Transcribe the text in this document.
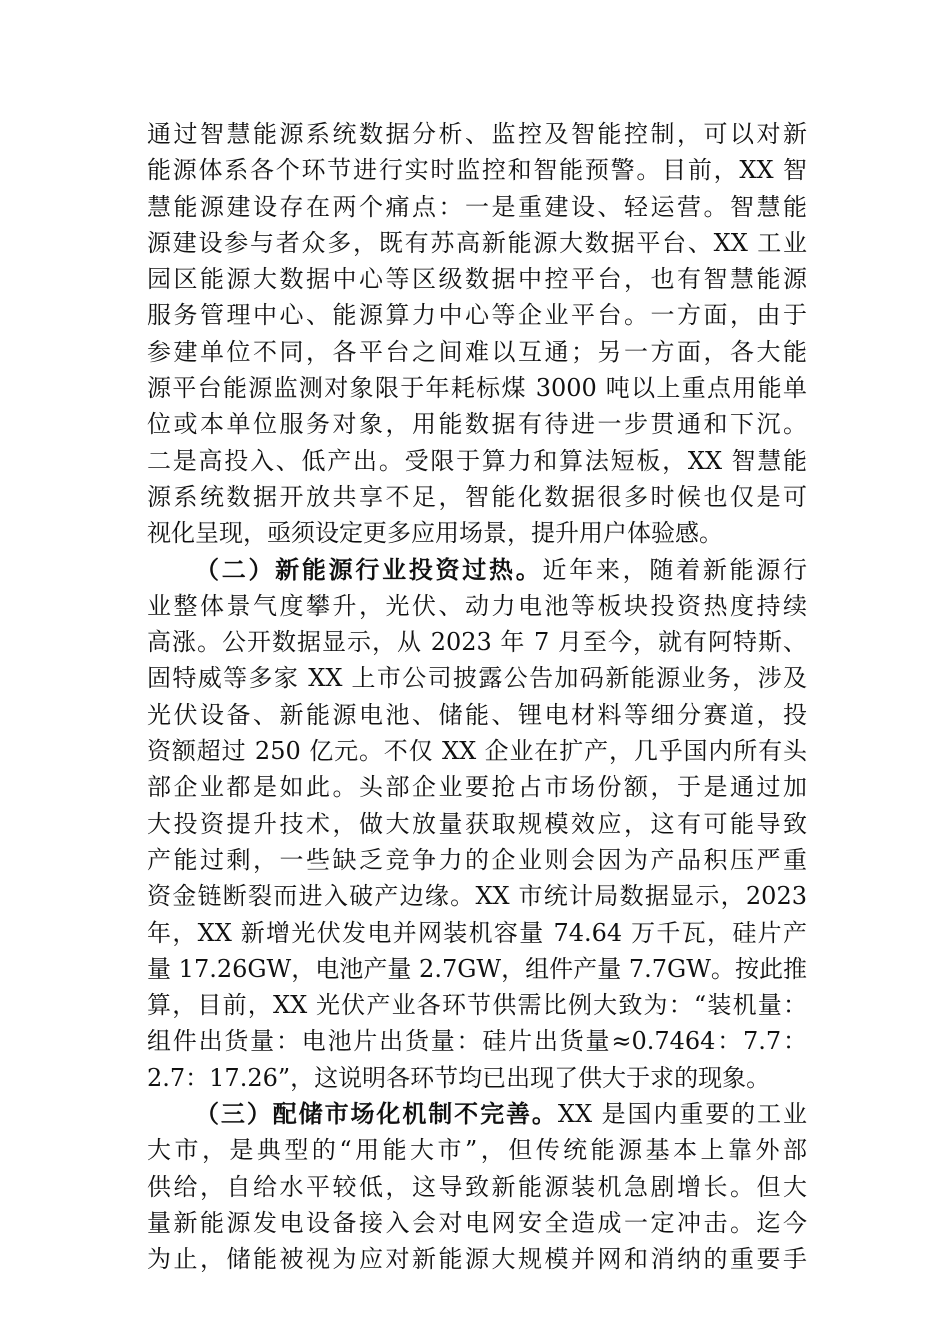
通过智慧能源系统数据分析、监控及智能控制，可以对新
能源体系各个环节进行实时监控和智能预警。目前，XX 智
慧能源建设存在两个痛点：一是重建设、轻运营。智慧能
源建设参与者众多，既有苏高新能源大数据平台、XX 工业
园区能源大数据中心等区级数据中控平台，也有智慧能源
服务管理中心、能源算力中心等企业平台。一方面，由于
参建单位不同，各平台之间难以互通；另一方面，各大能
源平台能源监测对象限于年耗标煤 3000 吨以上重点用能单
位或本单位服务对象，用能数据有待进一步贯通和下沉。
二是高投入、低产出。受限于算力和算法短板，XX 智慧能
源系统数据开放共享不足，智能化数据很多时候也仅是可
视化呈现，亟须设定更多应用场景，提升用户体验感。
（二）新能源行业投资过热。近年来，随着新能源行
业整体景气度攀升，光伏、动力电池等板块投资热度持续
高涨。公开数据显示，从 2023 年 7 月至今，就有阿特斯、
固特威等多家 XX 上市公司披露公告加码新能源业务，涉及
光伏设备、新能源电池、储能、锂电材料等细分赛道，投
资额超过 250 亿元。不仅 XX 企业在扩产，几乎国内所有头
部企业都是如此。头部企业要抢占市场份额，于是通过加
大投资提升技术，做大放量获取规模效应，这有可能导致
产能过剩，一些缺乏竞争力的企业则会因为产品积压严重
资金链断裂而进入破产边缘。XX 市统计局数据显示，2023
年，XX 新增光伏发电并网装机容量 74.64 万千瓦，硅片产
量 17.26GW，电池产量 2.7GW，组件产量 7.7GW。按此推
算，目前，XX 光伏产业各环节供需比例大致为：“装机量：
组件出货量：电池片出货量：硅片出货量≈0.7464：7.7：
2.7：17.26”，这说明各环节均已出现了供大于求的现象。
（三）配储市场化机制不完善。XX 是国内重要的工业
大市，是典型的“用能大市”，但传统能源基本上靠外部
供给，自给水平较低，这导致新能源装机急剧增长。但大
量新能源发电设备接入会对电网安全造成一定冲击。迄今
为止，储能被视为应对新能源大规模并网和消纳的重要手
